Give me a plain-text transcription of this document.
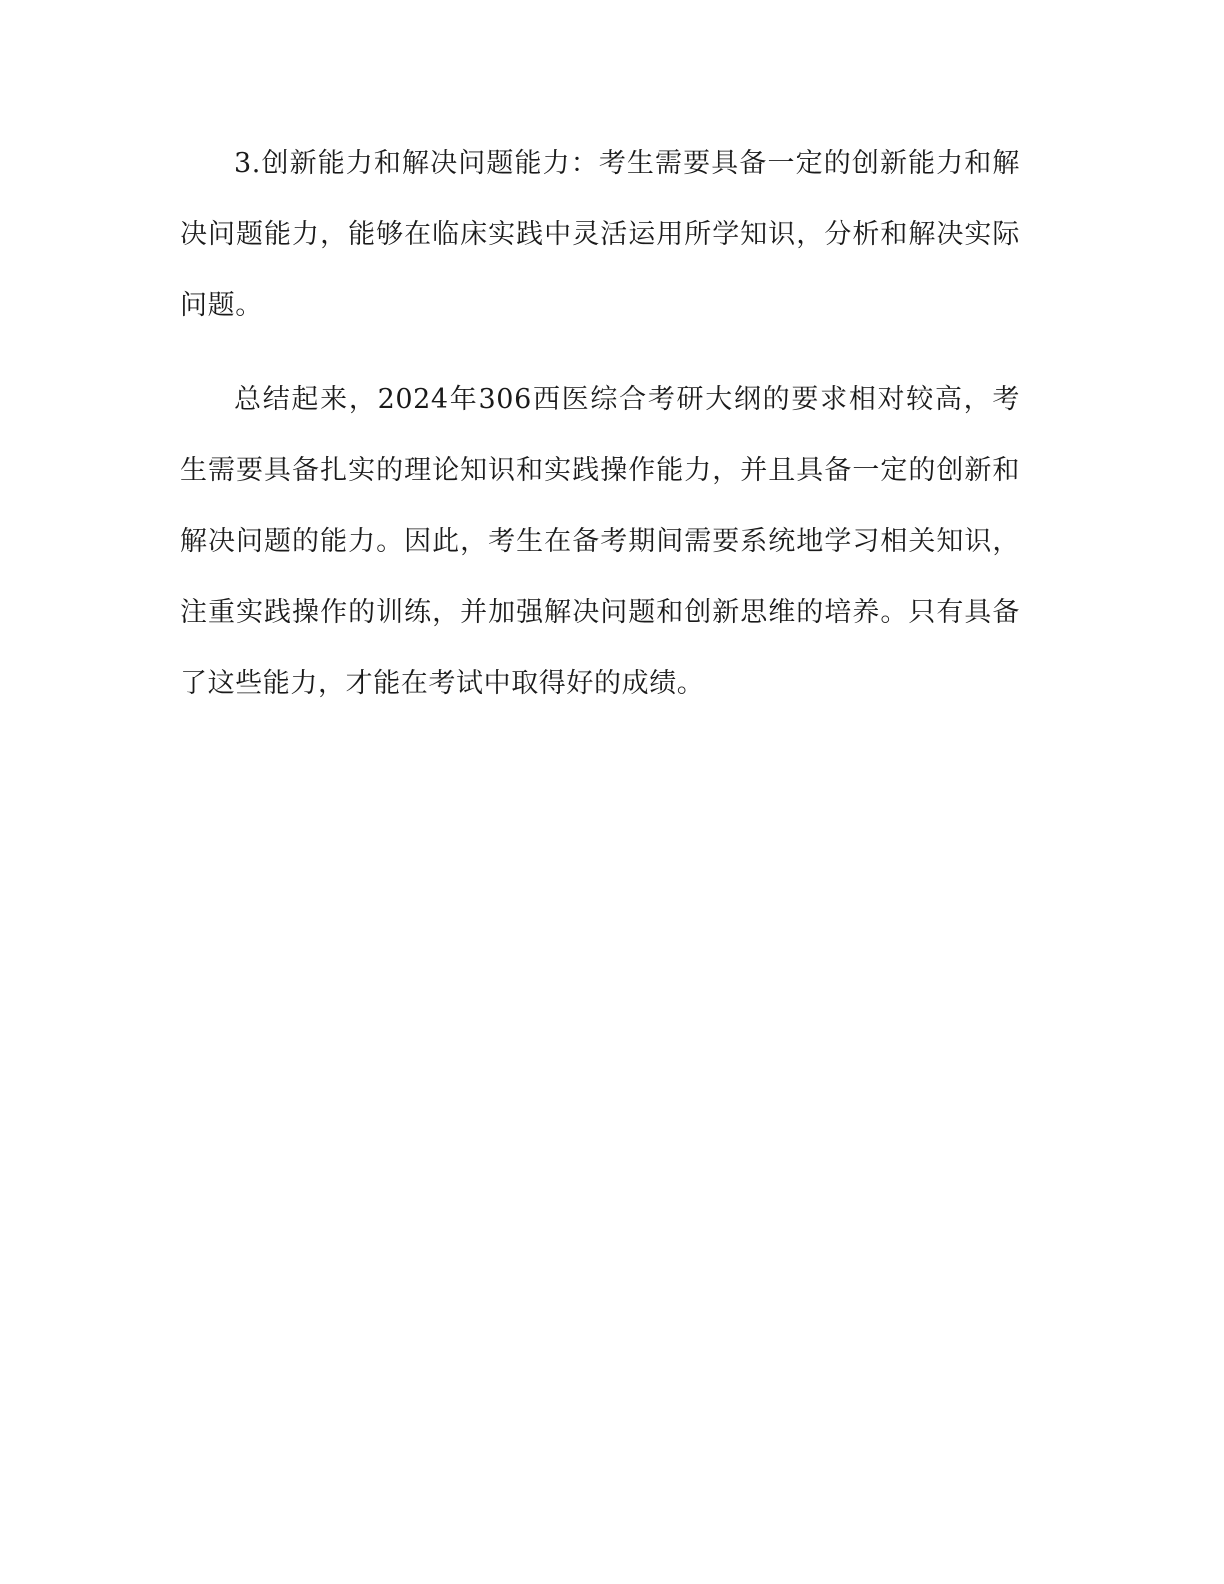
3.创新能力和解决问题能力：考生需要具备一定的创新能力和解决问题能力，能够在临床实践中灵活运用所学知识，分析和解决实际问题。

总结起来，2024年306西医综合考研大纲的要求相对较高，考生需要具备扎实的理论知识和实践操作能力，并且具备一定的创新和解决问题的能力。因此，考生在备考期间需要系统地学习相关知识，注重实践操作的训练，并加强解决问题和创新思维的培养。只有具备了这些能力，才能在考试中取得好的成绩。
